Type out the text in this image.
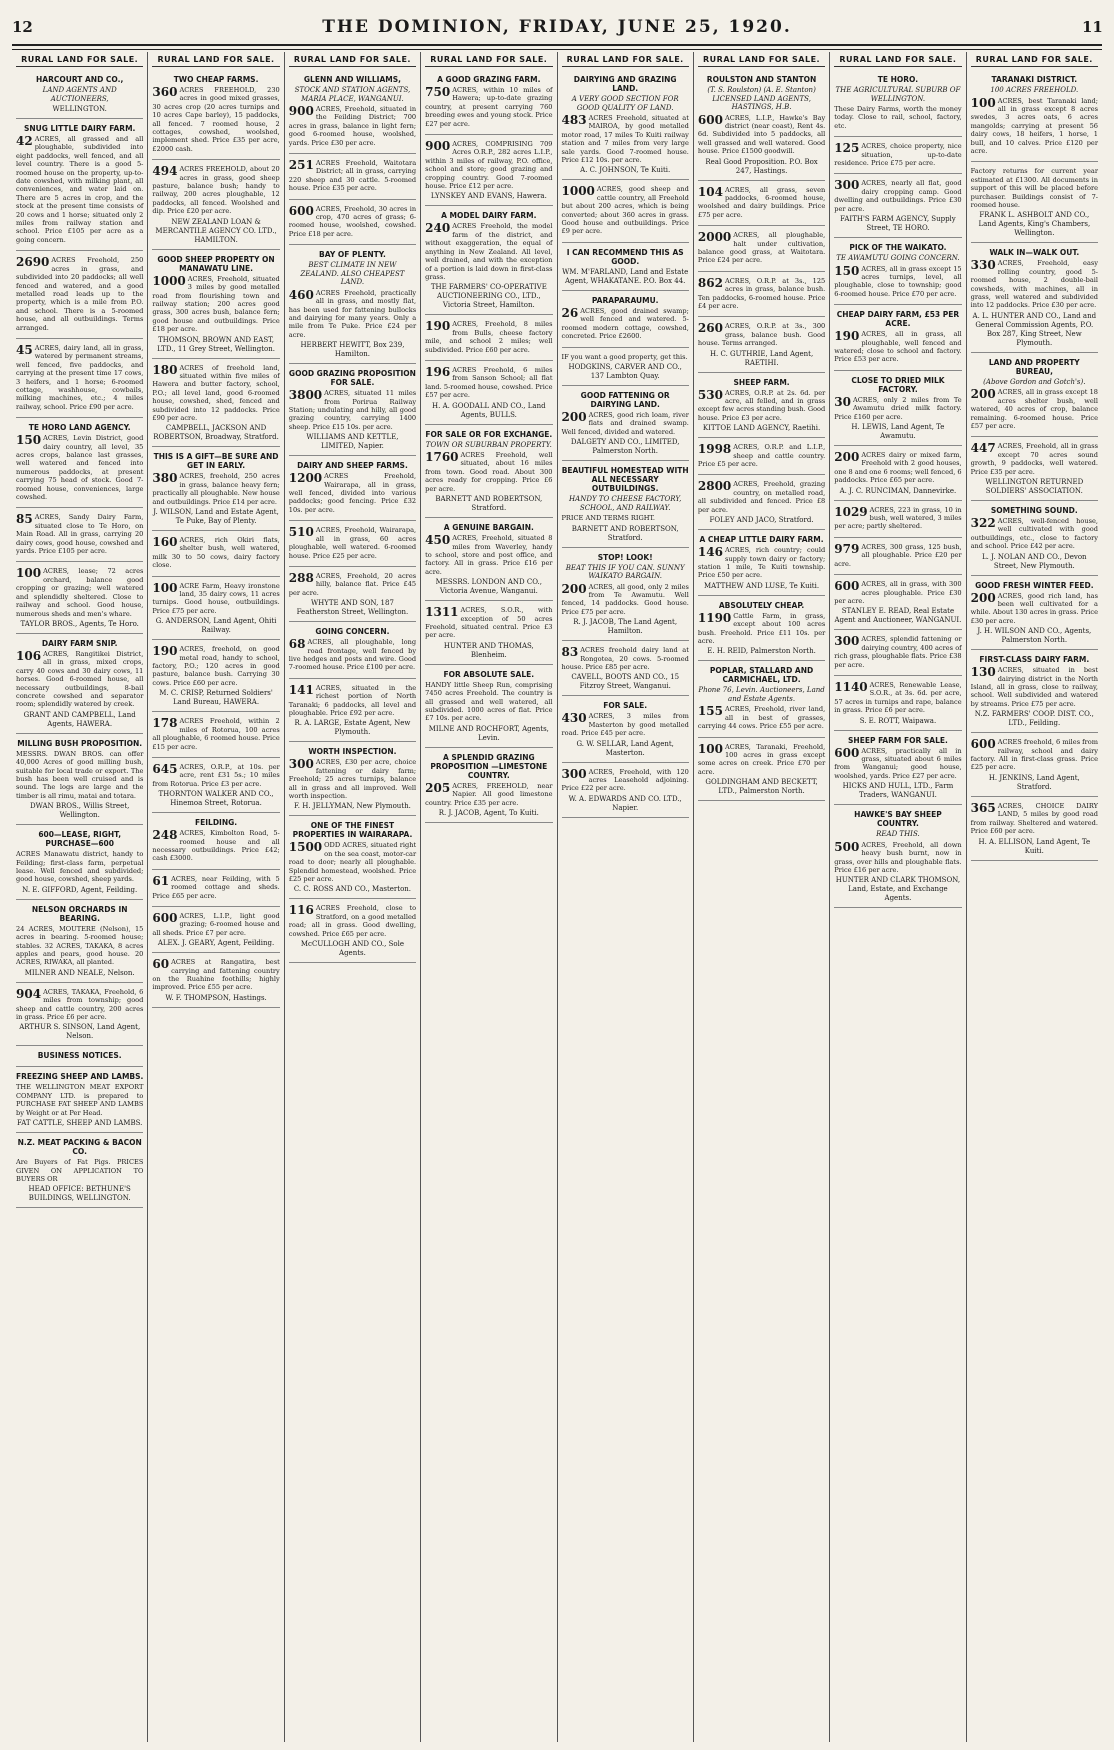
12	THE DOMINION, FRIDAY, JUNE 25, 1920.	11
RURAL LAND FOR SALE.
HARCOURT AND CO.,
LAND AGENTS AND AUCTIONEERS,
WELLINGTON.
SNUG LITTLE DAIRY FARM.
42 ACRES, all grassed and all ploughable, subdivided into eight paddocks, well fenced, and all level country. There is a good 5-roomed house on the property, up-to-date cowshed, with milking plant, all conveniences, and water laid on. There are 5 acres in crop, and the stock at the present time consists of 20 cows and 1 horse; situated only 2 miles from railway station and school. Price £105 per acre as a going concern.
2690 ACRES Freehold, 250 acres in grass, and subdivided into 20 paddocks; all well fenced and watered, and a good metalled road leads up to the property, which is a mile from P.O. and school. There is a 5-roomed house, and all outbuildings. Terms arranged.
45 ACRES, dairy land, all in grass, watered by permanent streams, well fenced, five paddocks, and carrying at the present time 17 cows, 3 heifers, and 1 horse; 6-roomed cottage, washhouse, cowbails, milking machines, etc.; 4 miles railway, school. Price £90 per acre.
TE HORO LAND AGENCY.
150 ACRES, Levin District, good dairy country, all level, 35 acres crops, balance last grasses, well watered and fenced into numerous paddocks, at present carrying 75 head of stock. Good 7-roomed house, conveniences, large cowshed.
85 ACRES, Sandy Dairy Farm, situated close to Te Horo, on Main Road. All in grass, carrying 20 dairy cows, good house, cowshed and yards. Price £105 per acre.
100 ACRES, lease; 72 acres orchard, balance good cropping or grazing; well watered and splendidly sheltered. Close to railway and school. Good house, numerous sheds and men's whare.
TAYLOR BROS., Agents, Te Horo.
DAIRY FARM SNIP.
106 ACRES, Rangitikei District, all in grass, mixed crops, carry 40 cows and 30 dairy cows, 11 horses. Good 6-roomed house, all necessary outbuildings, 8-bail concrete cowshed and separator room; splendidly watered by creek.
GRANT AND CAMPBELL, Land Agents, HAWERA.
MILLING BUSH PROPOSITION.
MESSRS. DWAN BROS. can offer 40,000 Acres of good milling bush, suitable for local trade or export. The bush has been well cruised and is sound. The logs are large and the timber is all rimu, matai and totara.
DWAN BROS., Willis Street, Wellington.
600—LEASE, RIGHT, PURCHASE—600
ACRES Manawatu district, handy to Feilding; first-class farm, perpetual lease. Well fenced and subdivided; good house, cowshed, sheep yards.
N. E. GIFFORD, Agent, Feilding.
NELSON ORCHARDS IN BEARING.
24 ACRES, MOUTERE (Nelson), 15 acres in bearing. 5-roomed house; stables. 32 ACRES, TAKAKA, 8 acres apples and pears, good house. 20 ACRES, RIWAKA, all planted.
MILNER AND NEALE, Nelson.
904 ACRES, TAKAKA, Freehold, 6 miles from township; good sheep and cattle country, 200 acres in grass. Price £6 per acre.
ARTHUR S. SINSON, Land Agent, Nelson.
BUSINESS NOTICES.
FREEZING SHEEP AND LAMBS.
THE WELLINGTON MEAT EXPORT COMPANY LTD. is prepared to PURCHASE FAT SHEEP AND LAMBS by Weight or at Per Head.
FAT CATTLE, SHEEP AND LAMBS.
N.Z. MEAT PACKING & BACON CO.
Are Buyers of Fat Pigs. PRICES GIVEN ON APPLICATION TO BUYERS OR
HEAD OFFICE: BETHUNE'S BUILDINGS, WELLINGTON.
RURAL LAND FOR SALE.
TWO CHEAP FARMS.
360 ACRES FREEHOLD, 230 acres in good mixed grasses, 30 acres crop (20 acres turnips and 10 acres Cape barley), 15 paddocks, all fenced. 7 roomed house, 2 cottages, cowshed, woolshed, implement shed. Price £35 per acre, £2000 cash.
494 ACRES FREEHOLD, about 20 acres in grass, good sheep pasture, balance bush; handy to railway, 200 acres ploughable, 12 paddocks, all fenced. Woolshed and dip. Price £20 per acre.
NEW ZEALAND LOAN & MERCANTILE AGENCY CO. LTD., HAMILTON.
GOOD SHEEP PROPERTY ON MANAWATU LINE.
1000 ACRES, Freehold, situated 3 miles by good metalled road from flourishing town and railway station; 200 acres good grass, 300 acres bush, balance fern; good house and outbuildings. Price £18 per acre.
THOMSON, BROWN AND EAST, LTD., 11 Grey Street, Wellington.
180 ACRES of freehold land, situated within five miles of Hawera and butter factory, school, P.O.; all level land, good 6-roomed house, cowshed, shed, fenced and subdivided into 12 paddocks. Price £90 per acre.
CAMPBELL, JACKSON AND ROBERTSON, Broadway, Stratford.
THIS IS A GIFT—BE SURE AND GET IN EARLY.
380 ACRES, freehold, 250 acres in grass, balance heavy fern; practically all ploughable. New house and outbuildings. Price £14 per acre.
J. WILSON, Land and Estate Agent, Te Puke, Bay of Plenty.
160 ACRES, rich Okiri flats, shelter bush, well watered, milk 30 to 50 cows, dairy factory close.
100 ACRE Farm, Heavy ironstone land, 35 dairy cows, 11 acres turnips. Good house, outbuildings. Price £75 per acre.
G. ANDERSON, Land Agent, Ohiti Railway.
190 ACRES, freehold, on good metal road, handy to school, factory, P.O.; 120 acres in good pasture, balance bush. Carrying 30 cows. Price £60 per acre.
M. C. CRISP, Returned Soldiers' Land Bureau, HAWERA.
178 ACRES Freehold, within 2 miles of Rotorua, 100 acres all ploughable, 6 roomed house. Price £15 per acre.
645 ACRES, O.R.P., at 10s. per acre, rent £31 5s.; 10 miles from Rotorua. Price £3 per acre.
THORNTON WALKER AND CO., Hinemoa Street, Rotorua.
FEILDING.
248 ACRES, Kimbolton Road, 5-roomed house and all necessary outbuildings. Price £42; cash £3000.
61 ACRES, near Feilding, with 5 roomed cottage and sheds. Price £65 per acre.
600 ACRES, L.I.P., light good grazing; 6-roomed house and all sheds. Price £7 per acre.
ALEX. J. GEARY, Agent, Feilding.
60 ACRES at Rangatira, best carrying and fattening country on the Ruahine foothills; highly improved. Price £55 per acre.
W. F. THOMPSON, Hastings.
RURAL LAND FOR SALE.
GLENN AND WILLIAMS,
STOCK AND STATION AGENTS, MARIA PLACE, WANGANUI.
900 ACRES, Freehold, situated in the Feilding District; 700 acres in grass, balance in light fern; good 6-roomed house, woolshed, yards. Price £30 per acre.
251 ACRES Freehold, Waitotara District; all in grass, carrying 220 sheep and 30 cattle. 5-roomed house. Price £35 per acre.
600 ACRES, Freehold, 30 acres in crop, 470 acres of grass; 6-roomed house, woolshed, cowshed. Price £18 per acre.
BAY OF PLENTY.
BEST CLIMATE IN NEW ZEALAND. ALSO CHEAPEST LAND.
460 ACRES Freehold, practically all in grass, and mostly flat, has been used for fattening bullocks and dairying for many years. Only a mile from Te Puke. Price £24 per acre.
HERBERT HEWITT, Box 239, Hamilton.
GOOD GRAZING PROPOSITION FOR SALE.
3800 ACRES, situated 11 miles from Porirua Railway Station; undulating and hilly, all good grazing country, carrying 1400 sheep. Price £15 10s. per acre.
WILLIAMS AND KETTLE, LIMITED, Napier.
DAIRY AND SHEEP FARMS.
1200 ACRES Freehold, Wairarapa, all in grass, well fenced, divided into various paddocks; good fencing. Price £32 10s. per acre.
510 ACRES, Freehold, Wairarapa, all in grass, 60 acres ploughable, well watered. 6-roomed house. Price £25 per acre.
288 ACRES, Freehold, 20 acres hilly, balance flat. Price £45 per acre.
WHYTE AND SON, 187 Featherston Street, Wellington.
GOING CONCERN.
68 ACRES, all ploughable, long road frontage, well fenced by live hedges and posts and wire. Good 7-roomed house. Price £100 per acre.
141 ACRES, situated in the richest portion of North Taranaki; 6 paddocks, all level and ploughable. Price £92 per acre.
R. A. LARGE, Estate Agent, New Plymouth.
WORTH INSPECTION.
300 ACRES, £30 per acre, choice fattening or dairy farm; Freehold; 25 acres turnips, balance all in grass and all improved. Well worth inspection.
F. H. JELLYMAN, New Plymouth.
ONE OF THE FINEST PROPERTIES IN WAIRARAPA.
1500 ODD ACRES, situated right on the sea coast, motor-car road to door; nearly all ploughable. Splendid homestead, woolshed. Price £25 per acre.
C. C. ROSS AND CO., Masterton.
116 ACRES Freehold, close to Stratford, on a good metalled road; all in grass. Good dwelling, cowshed. Price £65 per acre.
McCULLOGH AND CO., Sole Agents.
RURAL LAND FOR SALE.
A GOOD GRAZING FARM.
750 ACRES, within 10 miles of Hawera; up-to-date grazing country, at present carrying 760 breeding ewes and young stock. Price £27 per acre.
900 ACRES, COMPRISING 709 Acres O.R.P., 282 acres L.I.P., within 3 miles of railway, P.O. office, school and store; good grazing and cropping country. Good 7-roomed house. Price £12 per acre.
LYNSKEY AND EVANS, Hawera.
A MODEL DAIRY FARM.
240 ACRES Freehold, the model farm of the district, and without exaggeration, the equal of anything in New Zealand. All level, well drained, and with the exception of a portion is laid down in first-class grass.
THE FARMERS' CO-OPERATIVE AUCTIONEERING CO., LTD., Victoria Street, Hamilton.
190 ACRES, Freehold, 8 miles from Bulls, cheese factory mile, and school 2 miles; well subdivided. Price £60 per acre.
196 ACRES Freehold, 6 miles from Sanson School; all flat land. 5-roomed house, cowshed. Price £57 per acre.
H. A. GOODALL AND CO., Land Agents, BULLS.
FOR SALE OR FOR EXCHANGE.
TOWN OR SUBURBAN PROPERTY.
1760 ACRES Freehold, well situated, about 16 miles from town. Good road. About 300 acres ready for cropping. Price £6 per acre.
BARNETT AND ROBERTSON, Stratford.
A GENUINE BARGAIN.
450 ACRES, Freehold, situated 8 miles from Waverley, handy to school, store and post office, and factory. All in grass. Price £16 per acre.
MESSRS. LONDON AND CO., Victoria Avenue, Wanganui.
1311 ACRES, S.O.R., with exception of 50 acres Freehold, situated central. Price £3 per acre.
HUNTER AND THOMAS, Blenheim.
FOR ABSOLUTE SALE.
HANDY little Sheep Run, comprising 7450 acres Freehold. The country is all grassed and well watered, all subdivided. 1000 acres of flat. Price £7 10s. per acre.
MILNE AND ROCHFORT, Agents, Levin.
A SPLENDID GRAZING PROPOSITION —LIMESTONE COUNTRY.
205 ACRES, FREEHOLD, near Napier. All good limestone country. Price £35 per acre.
R. J. JACOB, Agent, To Kuiti.
RURAL LAND FOR SALE.
DAIRYING AND GRAZING LAND.
A VERY GOOD SECTION FOR GOOD QUALITY OF LAND.
483 ACRES Freehold, situated at MAIROA, by good metalled motor road, 17 miles To Kuiti railway station and 7 miles from very large sale yards. Good 7-roomed house. Price £12 10s. per acre.
A. C. JOHNSON, Te Kuiti.
1000 ACRES, good sheep and cattle country, all Freehold but about 200 acres, which is being converted; about 360 acres in grass. Good house and outbuildings. Price £9 per acre.
I CAN RECOMMEND THIS AS GOOD.
WM. M'FARLAND, Land and Estate Agent, WHAKATANE. P.O. Box 44.
PARAPARAUMU.
26 ACRES, good drained swamp; well fenced and watered. 5-roomed modern cottage, cowshed, concreted. Price £2600.
IF you want a good property, get this.
HODGKINS, CARVER AND CO., 137 Lambton Quay.
GOOD FATTENING OR DAIRYING LAND.
200 ACRES, good rich loam, river flats and drained swamp. Well fenced, divided and watered.
DALGETY AND CO., LIMITED, Palmerston North.
BEAUTIFUL HOMESTEAD WITH ALL NECESSARY OUTBUILDINGS.
HANDY TO CHEESE FACTORY, SCHOOL, AND RAILWAY.
PRICE AND TERMS RIGHT.
BARNETT AND ROBERTSON, Stratford.
STOP! LOOK!
BEAT THIS IF YOU CAN. SUNNY WAIKATO BARGAIN.
200 ACRES, all good, only 2 miles from Te Awamutu. Well fenced, 14 paddocks. Good house. Price £75 per acre.
R. J. JACOB, The Land Agent, Hamilton.
83 ACRES freehold dairy land at Rongotea, 20 cows. 5-roomed house. Price £85 per acre.
CAVELL, BOOTS AND CO., 15 Fitzroy Street, Wanganui.
FOR SALE.
430 ACRES, 3 miles from Masterton by good metalled road. Price £45 per acre.
G. W. SELLAR, Land Agent, Masterton.
300 ACRES, Freehold, with 120 acres Leasehold adjoining. Price £22 per acre.
W. A. EDWARDS AND CO. LTD., Napier.
RURAL LAND FOR SALE.
ROULSTON AND STANTON
(T. S. Roulston) (A. E. Stanton) LICENSED LAND AGENTS, HASTINGS, H.B.
600 ACRES, L.I.P., Hawke's Bay district (near coast), Rent 4s. 6d. Subdivided into 5 paddocks, all well grassed and well watered. Good house. Price £1500 goodwill.
Real Good Proposition. P.O. Box 247, Hastings.
104 ACRES, all grass, seven paddocks, 6-roomed house, woolshed and dairy buildings. Price £75 per acre.
2000 ACRES, all ploughable, halt under cultivation, balance good grass, at Waitotara. Price £24 per acre.
862 ACRES, O.R.P. at 3s., 125 acres in grass, balance bush. Ten paddocks, 6-roomed house. Price £4 per acre.
260 ACRES, O.R.P. at 3s., 300 grass, balance bush. Good house. Terms arranged.
H. C. GUTHRIE, Land Agent, RAETIHI.
SHEEP FARM.
530 ACRES, O.R.P. at 2s. 6d. per acre, all felled, and in grass except few acres standing bush. Good house. Price £3 per acre.
KITTOE LAND AGENCY, Raetihi.
1998 ACRES, O.R.P. and L.I.P., sheep and cattle country. Price £5 per acre.
2800 ACRES, Freehold, grazing country, on metalled road, all subdivided and fenced. Price £8 per acre.
FOLEY AND JACO, Stratford.
A CHEAP LITTLE DAIRY FARM.
146 ACRES, rich country; could supply town dairy or factory; station 1 mile, Te Kuiti township. Price £50 per acre.
MATTHEW AND LUSE, Te Kuiti.
ABSOLUTELY CHEAP.
1190 Cattle Farm, in grass, except about 100 acres bush. Freehold. Price £11 10s. per acre.
E. H. REID, Palmerston North.
POPLAR, STALLARD AND CARMICHAEL, LTD.
Phone 76, Levin. Auctioneers, Land and Estate Agents.
155 ACRES, Freehold, river land, all in best of grasses, carrying 44 cows. Price £55 per acre.
100 ACRES, Taranaki, Freehold, 100 acres in grass except some acres on creek. Price £70 per acre.
GOLDINGHAM AND BECKETT, LTD., Palmerston North.
RURAL LAND FOR SALE.
TE HORO.
THE AGRICULTURAL SUBURB OF WELLINGTON.
These Dairy Farms, worth the money today. Close to rail, school, factory, etc.
125 ACRES, choice property, nice situation, up-to-date residence. Price £75 per acre.
300 ACRES, nearly all flat, good dairy cropping camp. Good dwelling and outbuildings. Price £30 per acre.
FAITH'S FARM AGENCY, Supply Street, TE HORO.
PICK OF THE WAIKATO.
TE AWAMUTU GOING CONCERN.
150 ACRES, all in grass except 15 acres turnips, level, all ploughable, close to township; good 6-roomed house. Price £70 per acre.
CHEAP DAIRY FARM, £53 PER ACRE.
190 ACRES, all in grass, all ploughable, well fenced and watered; close to school and factory. Price £53 per acre.
CLOSE TO DRIED MILK FACTORY.
30 ACRES, only 2 miles from Te Awamutu dried milk factory. Price £160 per acre.
H. LEWIS, Land Agent, Te Awamutu.
200 ACRES dairy or mixed farm, Freehold with 2 good houses, one 8 and one 6 rooms; well fenced, 6 paddocks. Price £65 per acre.
A. J. C. RUNCIMAN, Dannevirke.
1029 ACRES, 223 in grass, 10 in bush, well watered, 3 miles per acre; partly sheltered.
979 ACRES, 300 grass, 125 bush, all ploughable. Price £20 per acre.
600 ACRES, all in grass, with 300 acres ploughable. Price £30 per acre.
STANLEY E. READ, Real Estate Agent and Auctioneer, WANGANUI.
300 ACRES, splendid fattening or dairying country, 400 acres of rich grass, ploughable flats. Price £38 per acre.
1140 ACRES, Renewable Lease, S.O.R., at 3s. 6d. per acre, 57 acres in turnips and rape, balance in grass. Price £6 per acre.
S. E. ROTT, Waipawa.
SHEEP FARM FOR SALE.
600 ACRES, practically all in grass, situated about 6 miles from Wanganui; good house, woolshed, yards. Price £27 per acre.
HICKS AND HULL, LTD., Farm Traders, WANGANUI.
HAWKE'S BAY SHEEP COUNTRY.
READ THIS.
500 ACRES, Freehold, all down heavy bush burnt, now in grass, over hills and ploughable flats. Price £16 per acre.
HUNTER AND CLARK THOMSON, Land, Estate, and Exchange Agents.
RURAL LAND FOR SALE.
TARANAKI DISTRICT.
100 ACRES FREEHOLD.
100 ACRES, best Taranaki land; all in grass except 8 acres swedes, 3 acres oats, 6 acres mangolds; carrying at present 56 dairy cows, 18 heifers, 1 horse, 1 bull, and 10 calves. Price £120 per acre.
Factory returns for current year estimated at £1300. All documents in support of this will be placed before purchaser. Buildings consist of 7-roomed house.
FRANK L. ASHBOLT AND CO., Land Agents, King's Chambers, Wellington.
WALK IN—WALK OUT.
330 ACRES, Freehold, easy rolling country, good 5-roomed house, 2 double-bail cowsheds, with machines, all in grass, well watered and subdivided into 12 paddocks. Price £30 per acre.
A. L. HUNTER AND CO., Land and General Commission Agents, P.O. Box 287, King Street, New Plymouth.
LAND AND PROPERTY BUREAU,
(Above Gordon and Gotch's).
200 ACRES, all in grass except 18 acres shelter bush, well watered, 40 acres of crop, balance remaining. 6-roomed house. Price £57 per acre.
447 ACRES, Freehold, all in grass except 70 acres sound growth, 9 paddocks, well watered. Price £35 per acre.
WELLINGTON RETURNED SOLDIERS' ASSOCIATION.
SOMETHING SOUND.
322 ACRES, well-fenced house, well cultivated with good outbuildings, etc., close to factory and school. Price £42 per acre.
L. J. NOLAN AND CO., Devon Street, New Plymouth.
GOOD FRESH WINTER FEED.
200 ACRES, good rich land, has been well cultivated for a while. About 130 acres in grass. Price £30 per acre.
J. H. WILSON AND CO., Agents, Palmerston North.
FIRST-CLASS DAIRY FARM.
130 ACRES, situated in best dairying district in the North Island, all in grass, close to railway, school. Well subdivided and watered by streams. Price £75 per acre.
N.Z. FARMERS' COOP. DIST. CO., LTD., Feilding.
600 ACRES freehold, 6 miles from railway, school and dairy factory. All in first-class grass. Price £25 per acre.
H. JENKINS, Land Agent, Stratford.
365 ACRES, CHOICE DAIRY LAND, 5 miles by good road from railway. Sheltered and watered. Price £60 per acre.
H. A. ELLISON, Land Agent, Te Kuiti.
